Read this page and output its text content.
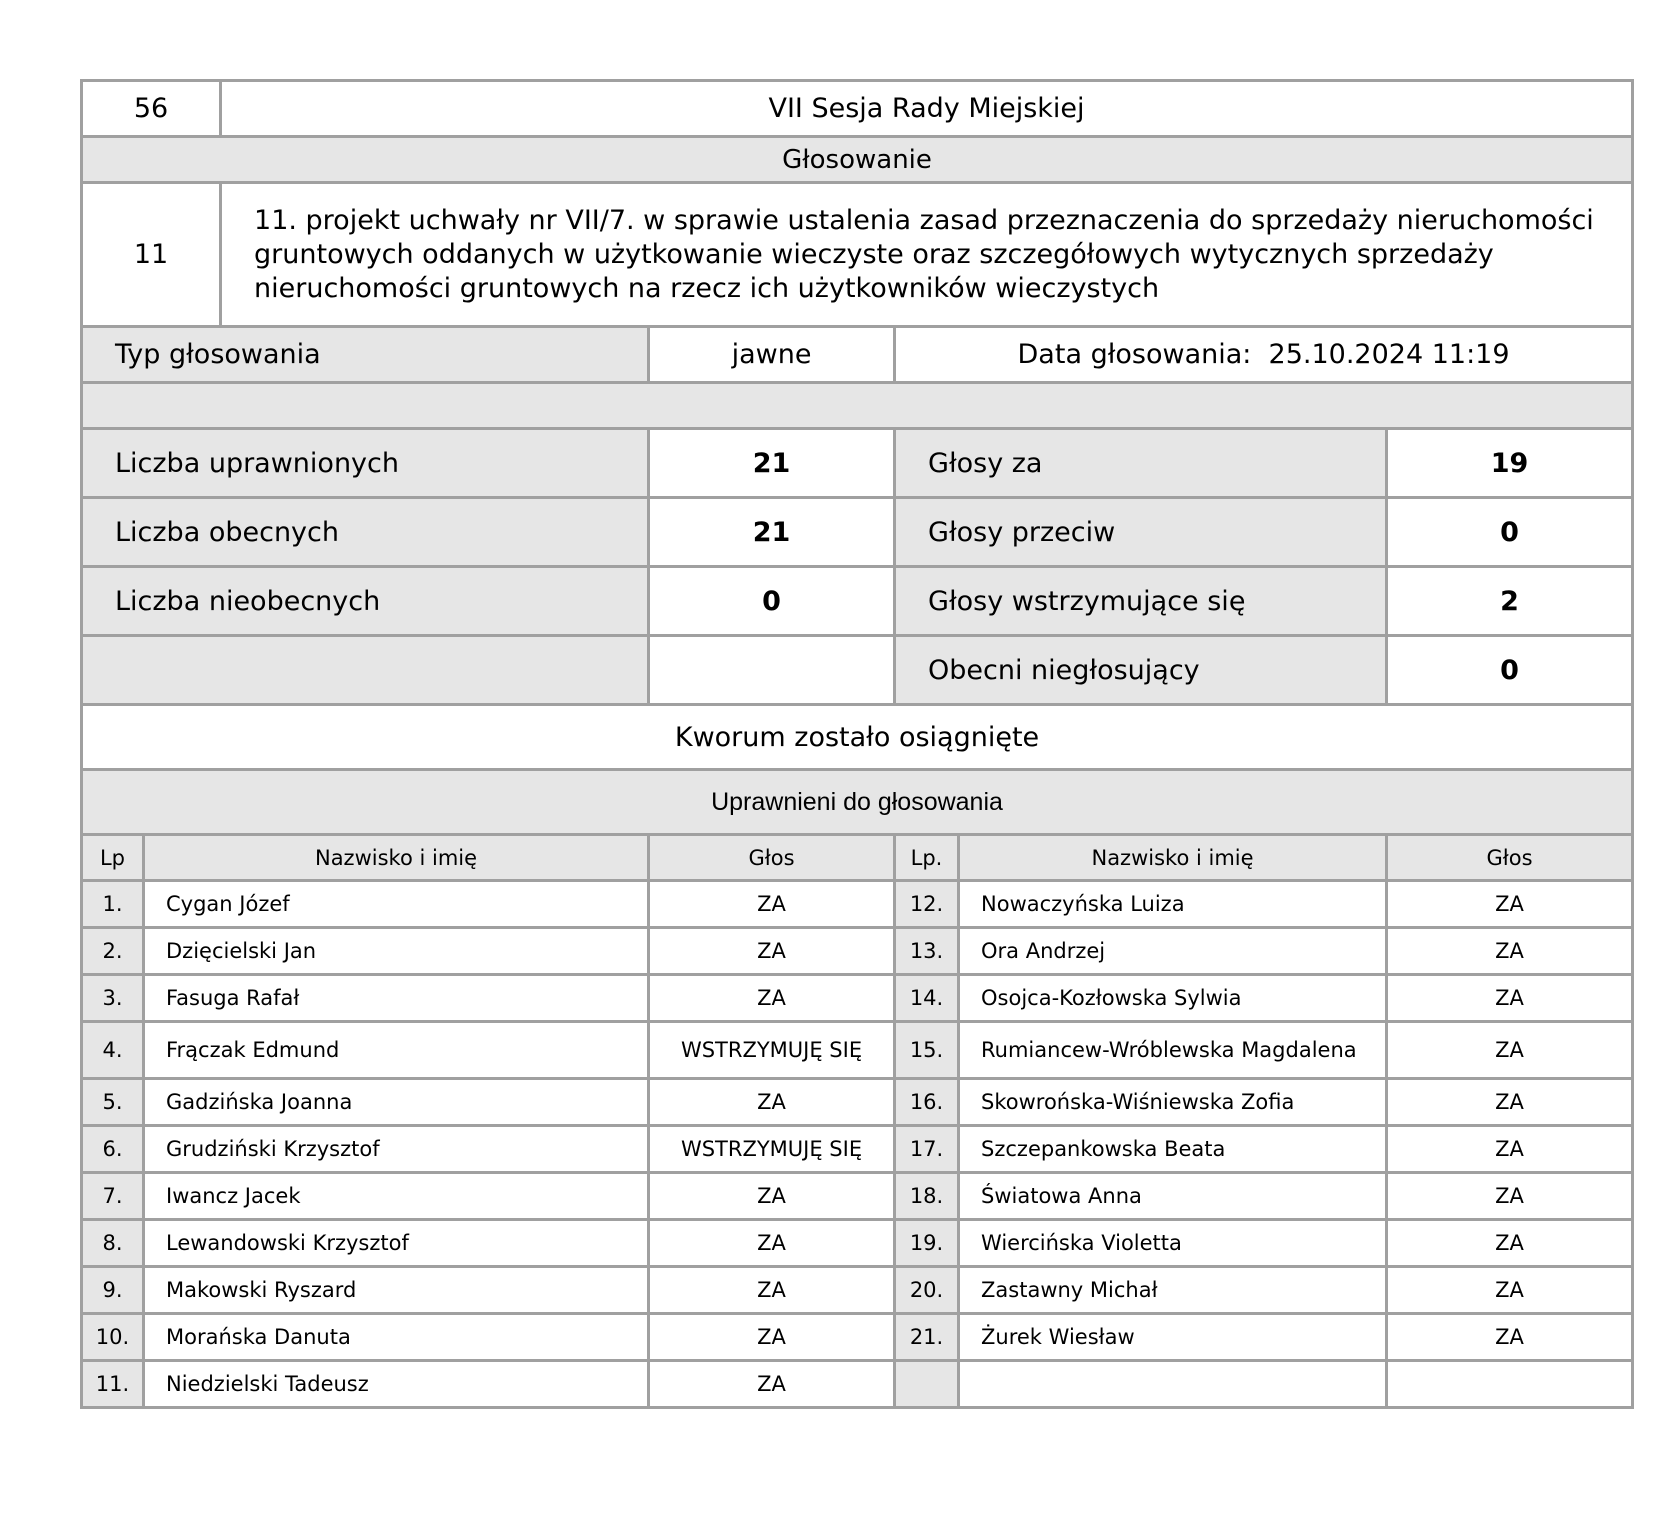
56		VII Sesja Rady Miejskiej				
Głosowanie						
11		11. projekt uchwały nr VII/7. w sprawie ustalenia zasad przeznaczenia do sprzedaży nieruchomości gruntowych oddanych w użytkowanie wieczyste oraz szczegółowych wytycznych sprzedaży nieruchomości gruntowych na rzecz ich użytkowników wieczystych				
Typ głosowania			jawne	Data głosowania: 25.10.2024 11:19		

Liczba uprawnionych			21	Głosy za		19
Liczba obecnych			21	Głosy przeciw		0
Liczba nieobecnych			0	Głosy wstrzymujące się		2
				Obecni niegłosujący		0
Kworum zostało osiągnięte						
Uprawnieni do głosowania						
Lp	Nazwisko i imię		Głos	Lp.	Nazwisko i imię	Głos
1.	Cygan Józef		ZA	12.	Nowaczyńska Luiza	ZA
2.	Dzięcielski Jan		ZA	13.	Ora Andrzej	ZA
3.	Fasuga Rafał		ZA	14.	Osojca-Kozłowska Sylwia	ZA
4.	Frączak Edmund		WSTRZYMUJĘ SIĘ	15.	Rumiancew-Wróblewska Magdalena	ZA
5.	Gadzińska Joanna		ZA	16.	Skowrońska-Wiśniewska Zofia	ZA
6.	Grudziński Krzysztof		WSTRZYMUJĘ SIĘ	17.	Szczepankowska Beata	ZA
7.	Iwancz Jacek		ZA	18.	Światowa Anna	ZA
8.	Lewandowski Krzysztof		ZA	19.	Wiercińska Violetta	ZA
9.	Makowski Ryszard		ZA	20.	Zastawny Michał	ZA
10.	Morańska Danuta		ZA	21.	Żurek Wiesław	ZA
11.	Niedzielski Tadeusz		ZA			
